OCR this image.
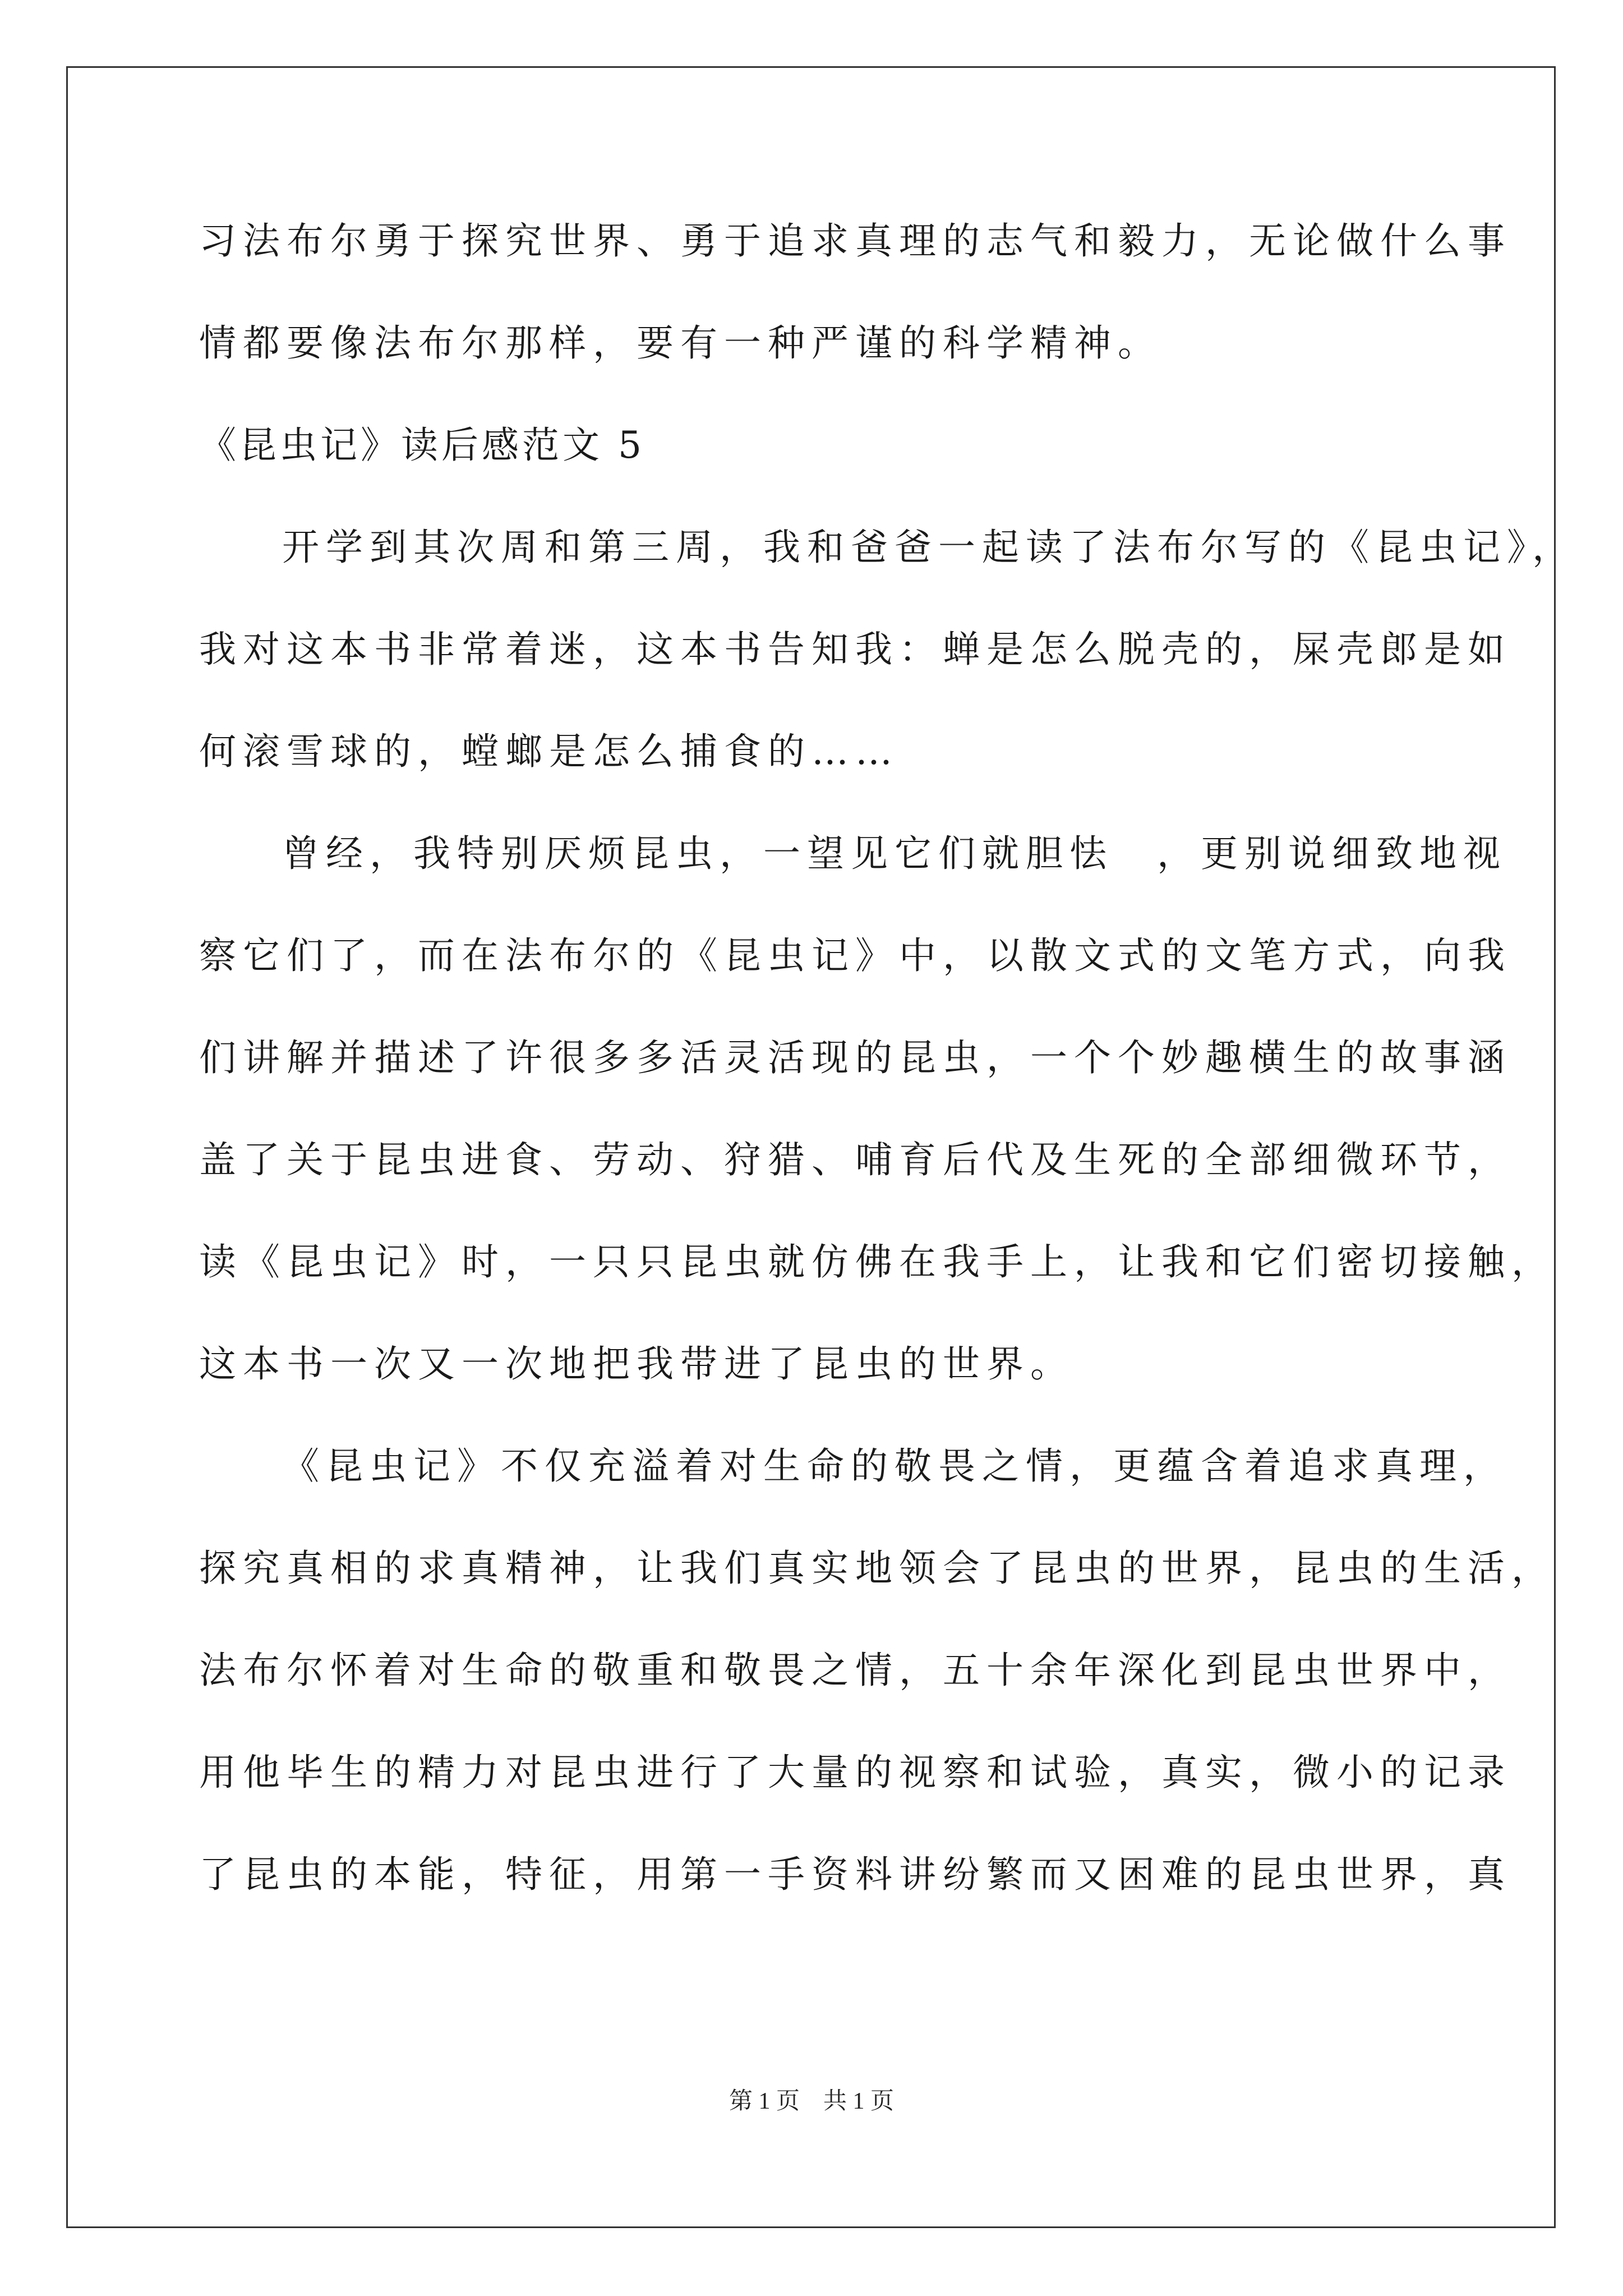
习法布尔勇于探究世界、勇于追求真理的志气和毅力，无论做什么事
情都要像法布尔那样，要有一种严谨的科学精神。
《昆虫记》读后感范文 5
开学到其次周和第三周，我和爸爸一起读了法布尔写的《昆虫记》，
我对这本书非常着迷，这本书告知我：蝉是怎么脱壳的，屎壳郎是如
何滚雪球的，螳螂是怎么捕食的……
曾经，我特别厌烦昆虫，一望见它们就胆怯　，更别说细致地视
察它们了，而在法布尔的《昆虫记》中，以散文式的文笔方式，向我
们讲解并描述了许很多多活灵活现的昆虫，一个个妙趣横生的故事涵
盖了关于昆虫进食、劳动、狩猎、哺育后代及生死的全部细微环节，
读《昆虫记》时，一只只昆虫就仿佛在我手上，让我和它们密切接触，
这本书一次又一次地把我带进了昆虫的世界。
《昆虫记》不仅充溢着对生命的敬畏之情，更蕴含着追求真理，
探究真相的求真精神，让我们真实地领会了昆虫的世界，昆虫的生活，
法布尔怀着对生命的敬重和敬畏之情，五十余年深化到昆虫世界中，
用他毕生的精力对昆虫进行了大量的视察和试验，真实，微小的记录
了昆虫的本能，特征，用第一手资料讲纷繁而又困难的昆虫世界，真
第 1 页　共 1 页
